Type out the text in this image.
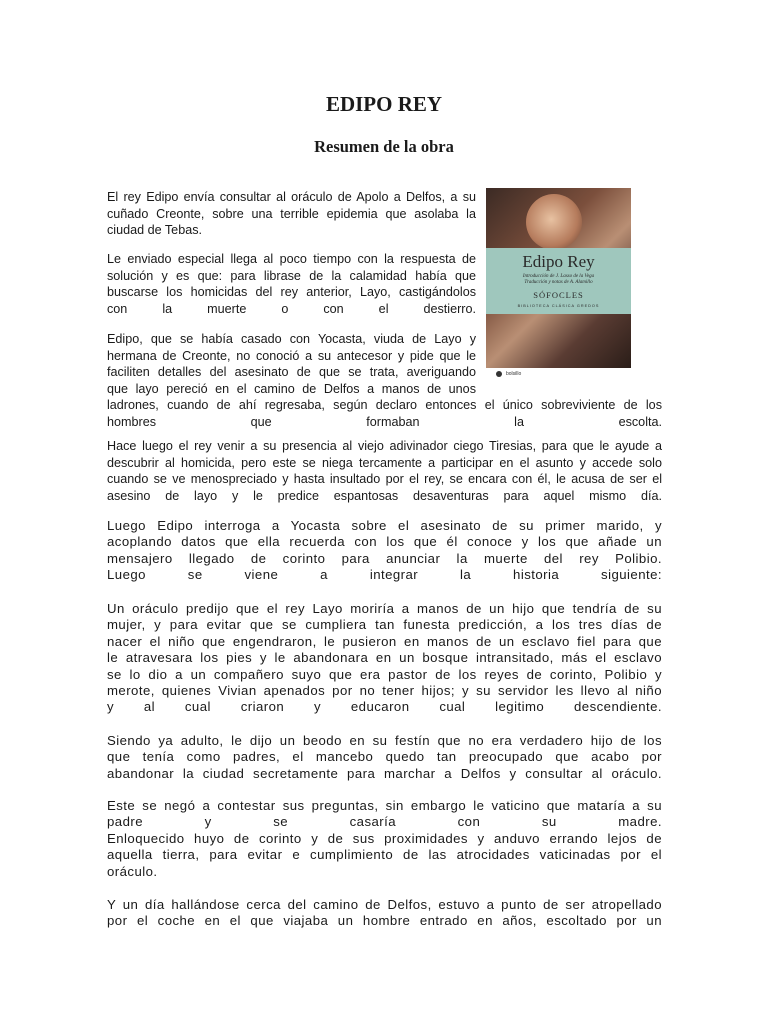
EDIPO REY
Resumen de la obra
Edipo Rey
Introducción de J. Lasso de la Vega
Traducción y notas de A. Alamillo
SÓFOCLES
BIBLIOTECA CLÁSICA GREDOS
bolsillo

El rey Edipo envía consultar al oráculo de Apolo a Delfos, a su
cuñado Creonte, sobre una terrible epidemia que asolaba la
ciudad de Tebas.

Le enviado especial llega al poco tiempo con la respuesta de
solución y es que: para librase de la calamidad había que
buscarse los homicidas del rey anterior, Layo, castigándolos
con la muerte o con el destierro.

Edipo, que se había casado con Yocasta, viuda de Layo y
hermana de Creonte, no conoció a su antecesor y pide que le
faciliten detalles del asesinato de que se trata, averiguando
que layo pereció en el camino de Delfos a manos de unos

ladrones, cuando de ahí regresaba, según declaro entonces el único sobreviviente de los
hombres que formaban la escolta.

Hace luego el rey venir a su presencia al viejo adivinador ciego Tiresias, para que le ayude a
descubrir al homicida, pero este se niega tercamente a participar en el asunto y accede solo
cuando se ve menospreciado y hasta insultado por el rey, se encara con él, le acusa de ser el
asesino de layo y le predice espantosas desaventuras para aquel mismo día.

Luego Edipo interroga a Yocasta sobre el asesinato de su primer marido, y
acoplando datos que ella recuerda con los que él conoce y los que añade un
mensajero llegado de corinto para anunciar la muerte del rey Polibio.
Luego se viene a integrar la historia siguiente:

Un oráculo predijo que el rey Layo moriría a manos de un hijo que tendría de su
mujer, y para evitar que se cumpliera tan funesta predicción, a los tres días de
nacer el niño que engendraron, le pusieron en manos de un esclavo fiel para que
le atravesara los pies y le abandonara en un bosque intransitado, más el esclavo
se lo dio a un compañero suyo que era pastor de los reyes de corinto, Polibio y
merote, quienes Vivian apenados por no tener hijos; y su servidor les llevo al niño
y al cual criaron y educaron cual legitimo descendiente.

Siendo ya adulto, le dijo un beodo en su festín que no era verdadero hijo de los
que tenía como padres, el mancebo quedo tan preocupado que acabo por
abandonar la ciudad secretamente para marchar a Delfos y consultar al oráculo.

Este se negó a contestar sus preguntas, sin embargo le vaticino que mataría a su
padre y se casaría con su madre.
Enloquecido huyo de corinto y de sus proximidades y anduvo errando lejos de
aquella tierra, para evitar e cumplimiento de las atrocidades vaticinadas por el
oráculo.

Y un día hallándose cerca del camino de Delfos, estuvo a punto de ser atropellado
por el coche en el que viajaba un hombre entrado en años, escoltado por un
